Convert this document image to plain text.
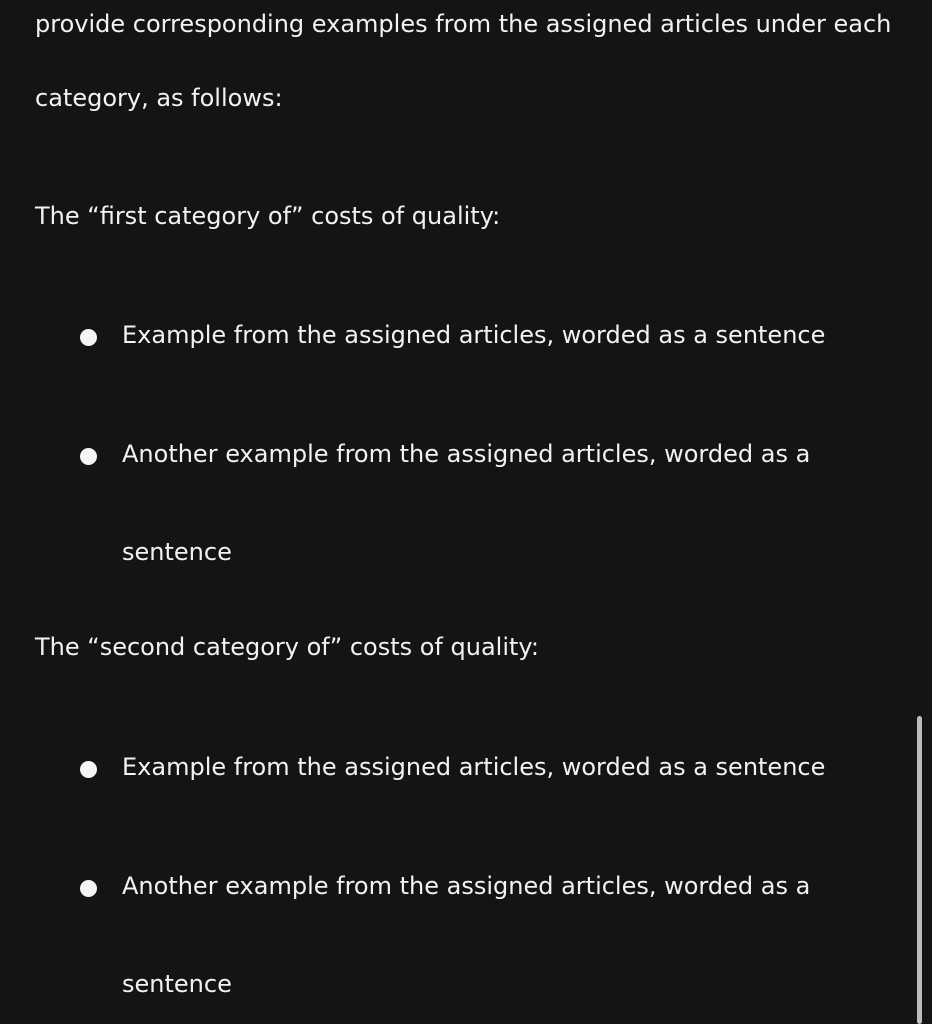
provide corresponding examples from the assigned articles under each

category, as follows:

The “first category of” costs of quality:

Example from the assigned articles, worded as a sentence
Another example from the assigned articles, worded as a

sentence

The “second category of” costs of quality:

Example from the assigned articles, worded as a sentence
Another example from the assigned articles, worded as a

sentence
